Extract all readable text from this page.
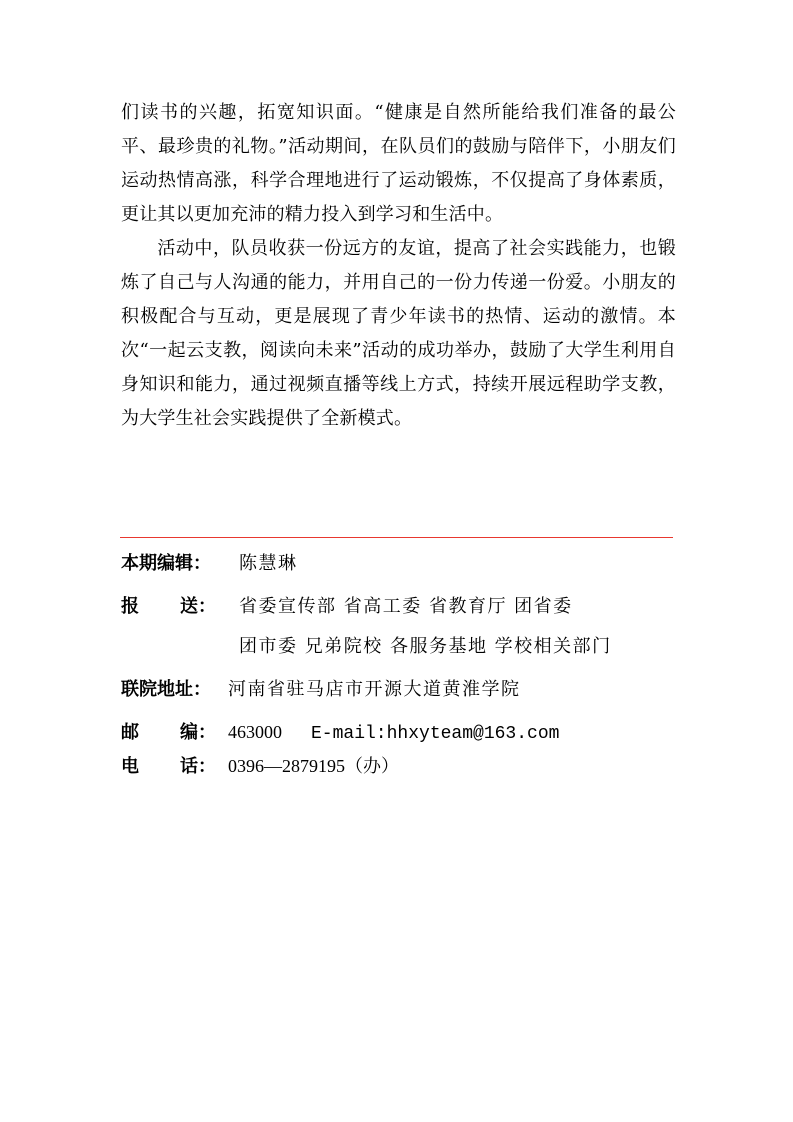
们读书的兴趣，拓宽知识面。“健康是自然所能给我们准备的最公平、最珍贵的礼物。”活动期间，在队员们的鼓励与陪伴下，小朋友们运动热情高涨，科学合理地进行了运动锻炼，不仅提高了身体素质，更让其以更加充沛的精力投入到学习和生活中。

活动中，队员收获一份远方的友谊，提高了社会实践能力，也锻炼了自己与人沟通的能力，并用自己的一份力传递一份爱。小朋友的积极配合与互动，更是展现了青少年读书的热情、运动的激情。本次“一起云支教，阅读向未来”活动的成功举办，鼓励了大学生利用自身知识和能力，通过视频直播等线上方式，持续开展远程助学支教，为大学生社会实践提供了全新模式。

本期编辑： 陈慧琳
报 送： 省委宣传部 省高工委 省教育厅 团省委
团市委 兄弟院校 各服务基地 学校相关部门
联院地址： 河南省驻马店市开源大道黄淮学院
邮 编： 463000 E-mail:hhxyteam@163.com
电 话： 0396—2879195（办）
